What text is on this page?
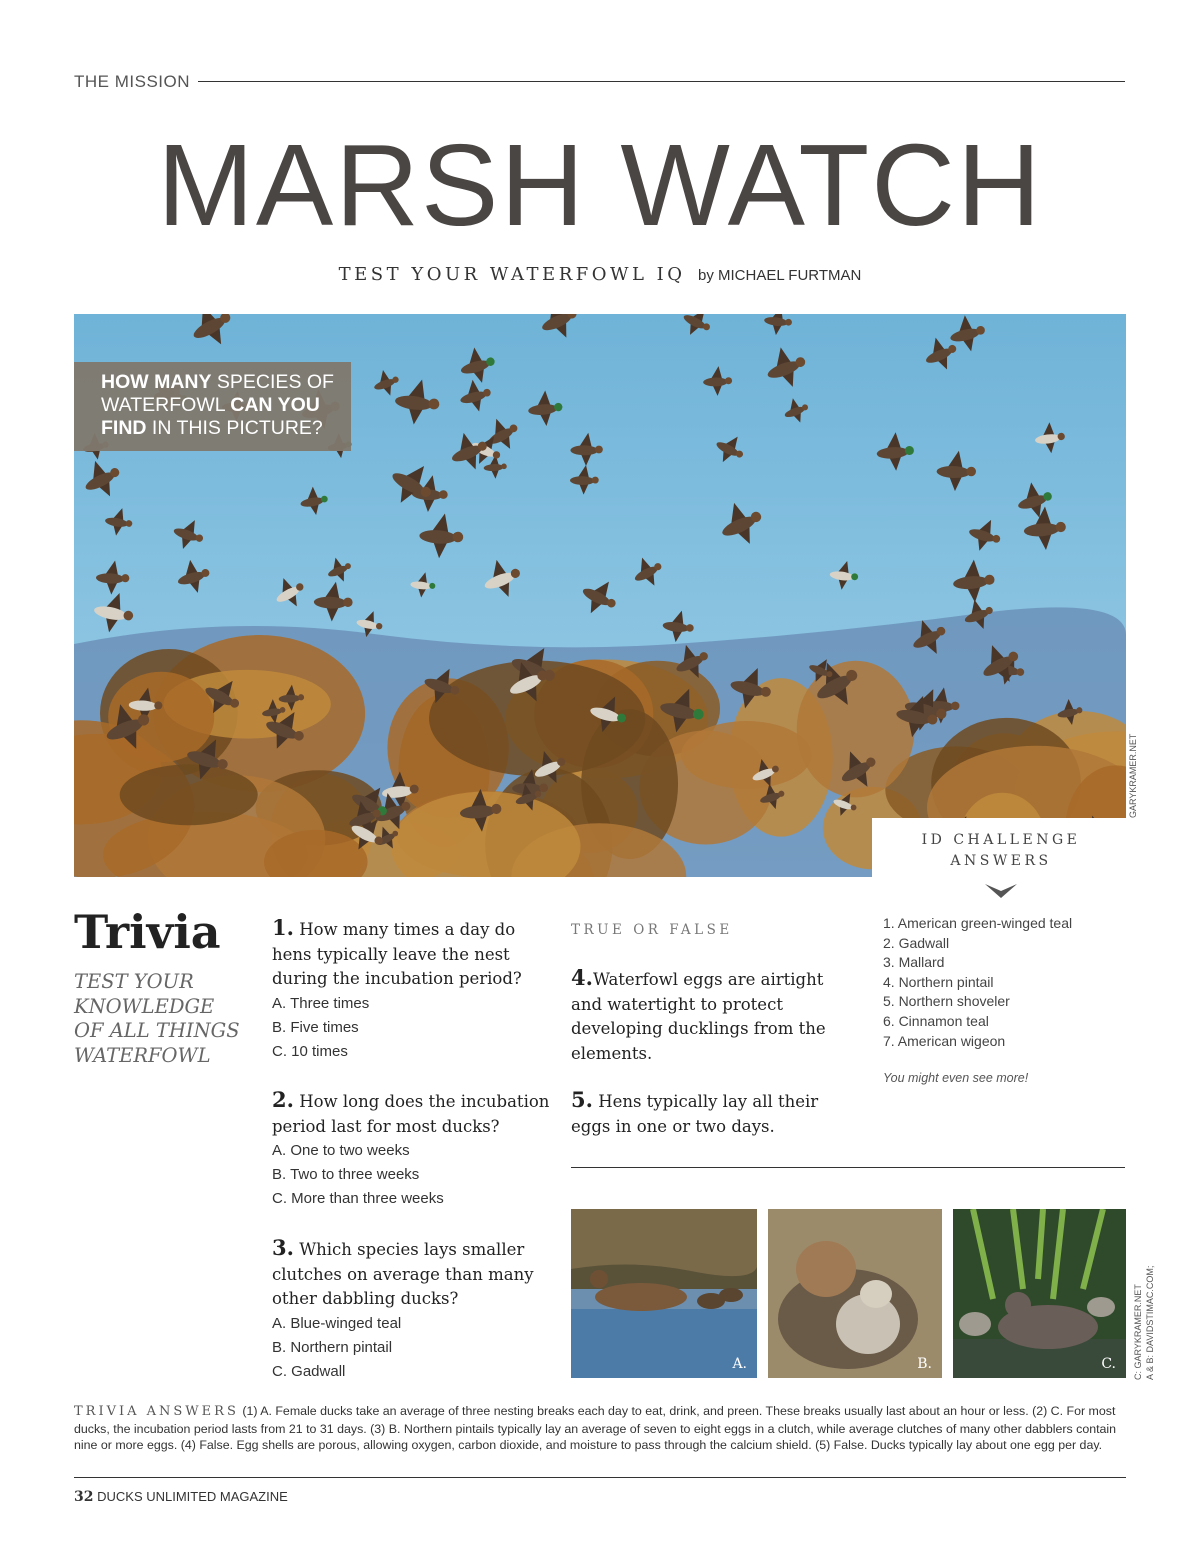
THE MISSION
MARSH WATCH
TEST YOUR WATERFOWL IQ by MICHAEL FURTMAN
HOW MANY SPECIES OF WATERFOWL CAN YOU FIND IN THIS PICTURE?
GARYKRAMER.NET
ID CHALLENGE
ANSWERS
1. American green-winged teal
2. Gadwall
3. Mallard
4. Northern pintail
5. Northern shoveler
6. Cinnamon teal
7. American wigeon
You might even see more!
Trivia
TEST YOUR KNOWLEDGE OF ALL THINGS WATERFOWL
1. How many times a day do hens typically leave the nest during the incubation period?
A. Three times
B. Five times
C. 10 times
2. How long does the incubation period last for most ducks?
A. One to two weeks
B. Two to three weeks
C. More than three weeks
3. Which species lays smaller clutches on average than many other dabbling ducks?
A. Blue-winged teal
B. Northern pintail
C. Gadwall
TRUE OR FALSE
4.Waterfowl eggs are airtight and watertight to protect developing ducklings from the elements.
5. Hens typically lay all their eggs in one or two days.
A.	B.	C. C: GARYKRAMER.NET A & B: DAVIDSTIMAC.COM;
TRIVIA ANSWERS (1) A. Female ducks take an average of three nesting breaks each day to eat, drink, and preen. These breaks usually last about an hour or less. (2) C. For most ducks, the incubation period lasts from 21 to 31 days. (3) B. Northern pintails typically lay an average of seven to eight eggs in a clutch, while average clutches of many other dabblers contain nine or more eggs. (4) False. Egg shells are porous, allowing oxygen, carbon dioxide, and moisture to pass through the calcium shield. (5) False. Ducks typically lay about one egg per day.
32 DUCKS UNLIMITED MAGAZINE
